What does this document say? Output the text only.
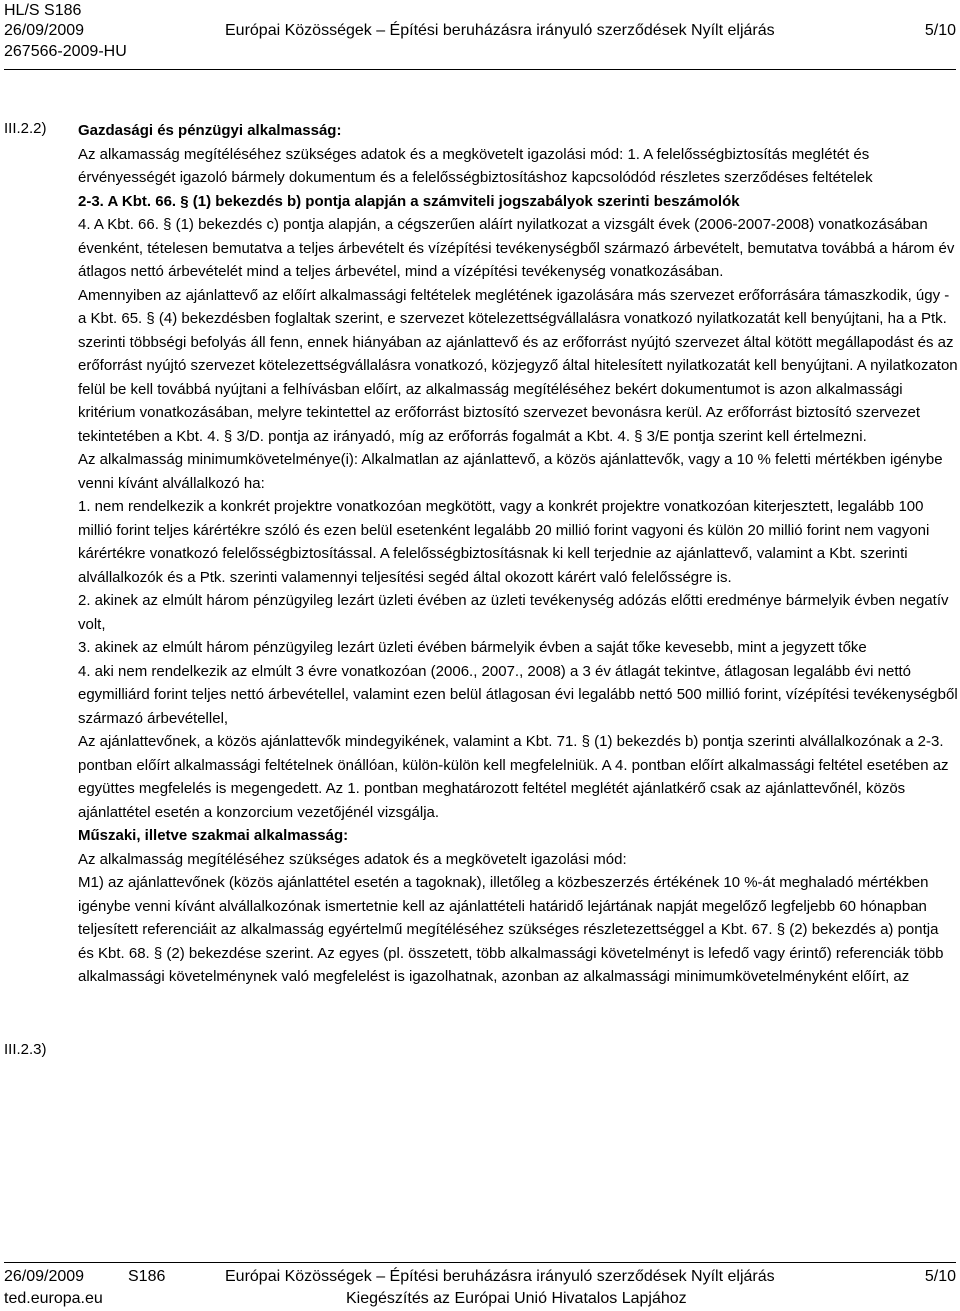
HL/S S186
26/09/2009
267566-2009-HU
Európai Közösségek – Építési beruházásra irányuló szerződések Nyílt eljárás	5/10
III.2.2)
III.2.3)

Gazdasági és pénzügyi alkalmasság:

Az alkamasság megítéléséhez szükséges adatok és a megkövetelt igazolási mód: 1. A felelősségbiztosítás meglétét és érvényességét igazoló bármely dokumentum és a felelősségbiztosításhoz kapcsolódód részletes szerződéses feltételek

2-3. A Kbt. 66. § (1) bekezdés b) pontja alapján a számviteli jogszabályok szerinti beszámolók

4. A Kbt. 66. § (1) bekezdés c) pontja alapján, a cégszerűen aláírt nyilatkozat a vizsgált évek (2006-2007-2008) vonatkozásában évenként, tételesen bemutatva a teljes árbevételt és vízépítési tevékenységből származó árbevételt, bemutatva továbbá a három év átlagos nettó árbevételét mind a teljes árbevétel, mind a vízépítési tevékenység vonatkozásában.

Amennyiben az ajánlattevő az előírt alkalmassági feltételek meglétének igazolására más szervezet erőforrására támaszkodik, úgy - a Kbt. 65. § (4) bekezdésben foglaltak szerint, e szervezet kötelezettségvállalásra vonatkozó nyilatkozatát kell benyújtani, ha a Ptk. szerinti többségi befolyás áll fenn, ennek hiányában az ajánlattevő és az erőforrást nyújtó szervezet által kötött megállapodást és az erőforrást nyújtó szervezet kötelezettségvállalásra vonatkozó, közjegyző által hitelesített nyilatkozatát kell benyújtani. A nyilatkozaton felül be kell továbbá nyújtani a felhívásban előírt, az alkalmasság megítéléséhez bekért dokumentumot is azon alkalmassági kritérium vonatkozásában, melyre tekintettel az erőforrást biztosító szervezet bevonásra kerül. Az erőforrást biztosító szervezet tekintetében a Kbt. 4. § 3/D. pontja az irányadó, míg az erőforrás fogalmát a Kbt. 4. § 3/E pontja szerint kell értelmezni.

Az alkalmasság minimumkövetelménye(i): Alkalmatlan az ajánlattevő, a közös ajánlattevők, vagy a 10 % feletti mértékben igénybe venni kívánt alvállalkozó ha:

1. nem rendelkezik a konkrét projektre vonatkozóan megkötött, vagy a konkrét projektre vonatkozóan kiterjesztett, legalább 100 millió forint teljes kárértékre szóló és ezen belül esetenként legalább 20 millió forint vagyoni és külön 20 millió forint nem vagyoni kárértékre vonatkozó felelősségbiztosítással. A felelősségbiztosításnak ki kell terjednie az ajánlattevő, valamint a Kbt. szerinti alvállalkozók és a Ptk. szerinti valamennyi teljesítési segéd által okozott kárért való felelősségre is.

2. akinek az elmúlt három pénzügyileg lezárt üzleti évében az üzleti tevékenység adózás előtti eredménye bármelyik évben negatív volt,

3. akinek az elmúlt három pénzügyileg lezárt üzleti évében bármelyik évben a saját tőke kevesebb, mint a jegyzett tőke

4. aki nem rendelkezik az elmúlt 3 évre vonatkozóan (2006., 2007., 2008) a 3 év átlagát tekintve, átlagosan legalább évi nettó egymilliárd forint teljes nettó árbevétellel, valamint ezen belül átlagosan évi legalább nettó 500 millió forint, vízépítési tevékenységből származó árbevétellel,

Az ajánlattevőnek, a közös ajánlattevők mindegyikének, valamint a Kbt. 71. § (1) bekezdés b) pontja szerinti alvállalkozónak a 2-3. pontban előírt alkalmassági feltételnek önállóan, külön-külön kell megfelelniük. A 4. pontban előírt alkalmassági feltétel esetében az együttes megfelelés is megengedett. Az 1. pontban meghatározott feltétel meglétét ajánlatkérő csak az ajánlattevőnél, közös ajánlattétel esetén a konzorcium vezetőjénél vizsgálja.

Műszaki, illetve szakmai alkalmasság:

Az alkalmasság megítéléséhez szükséges adatok és a megkövetelt igazolási mód:

M1) az ajánlattevőnek (közös ajánlattétel esetén a tagoknak), illetőleg a közbeszerzés értékének 10 %-át meghaladó mértékben igénybe venni kívánt alvállalkozónak ismertetnie kell az ajánlattételi határidő lejártának napját megelőző legfeljebb 60 hónapban teljesített referenciáit az alkalmasság egyértelmű megítéléséhez szükséges részletezettséggel a Kbt. 67. § (2) bekezdés a) pontja és Kbt. 68. § (2) bekezdése szerint. Az egyes (pl. összetett, több alkalmassági követelményt is lefedő vagy érintő) referenciák több alkalmassági követelménynek való megfelelést is igazolhatnak, azonban az alkalmassági minimumkövetelményként előírt, az

26/09/2009	S186	Európai Közösségek – Építési beruházásra irányuló szerződések Nyílt eljárás	5/10
ted.europa.eu	Kiegészítés az Európai Unió Hivatalos Lapjához
